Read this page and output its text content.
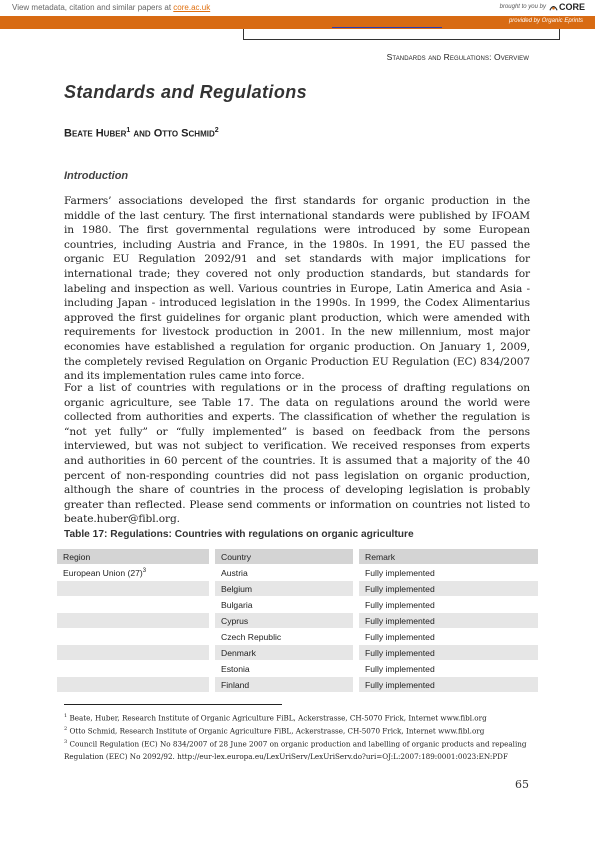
View metadata, citation and similar papers at core.ac.uk	brought to you by CORE
provided by Organic Eprints
Standards and Regulations: Overview
Standards and Regulations
Beate Huber$^1$ and Otto Schmid$^2$
Introduction
Farmers’ associations developed the first standards for organic production in the middle of the last century. The first international standards were published by IFOAM in 1980. The first governmental regulations were introduced by some European countries, including Austria and France, in the 1980s. In 1991, the EU passed the organic EU Regulation 2092/91 and set standards with major implications for international trade; they covered not only production standards, but standards for labeling and inspection as well. Various countries in Europe, Latin America and Asia - including Japan - introduced legislation in the 1990s. In 1999, the Codex Alimentarius approved the first guidelines for organic plant production, which were amended with requirements for livestock production in 2001. In the new millennium, most major economies have established a regulation for organic production. On January 1, 2009, the completely revised Regulation on Organic Production EU Regulation (EC) 834/2007 and its implementation rules came into force.
For a list of countries with regulations or in the process of drafting regulations on organic agriculture, see Table 17. The data on regulations around the world were collected from authorities and experts. The classification of whether the regulation is “not yet fully” or “fully implemented” is based on feedback from the persons interviewed, but was not subject to verification. We received responses from experts and authorities in 60 percent of the countries. It is assumed that a majority of the 40 percent of non-responding countries did not pass legislation on organic production, although the share of countries in the process of developing legislation is probably greater than reflected. Please send comments or information on countries not listed to beate.huber@fibl.org.
Table 17: Regulations: Countries with regulations on organic agriculture
Region		Country		Remark
European Union $(27)^3$		Austria		Fully implemented
		Belgium		Fully implemented
		Bulgaria		Fully implemented
		Cyprus		Fully implemented
		Czech Republic		Fully implemented
		Denmark		Fully implemented
		Estonia		Fully implemented
		Finland		Fully implemented
$^1$ Beate, Huber, Research Institute of Organic Agriculture FiBL, Ackerstrasse, CH-5070 Frick, Internet www.fibl.org
$^2$ Otto Schmid, Research Institute of Organic Agriculture FiBL, Ackerstrasse, CH-5070 Frick, Internet www.fibl.org
$^3$ Council Regulation (EC) No 834/2007 of 28 June 2007 on organic production and labelling of organic products and repealing Regulation (EEC) No 2092/92. http://eur-lex.europa.eu/LexUriServ/LexUriServ.do?uri=OJ:L:2007:189:0001:0023:EN:PDF
65
